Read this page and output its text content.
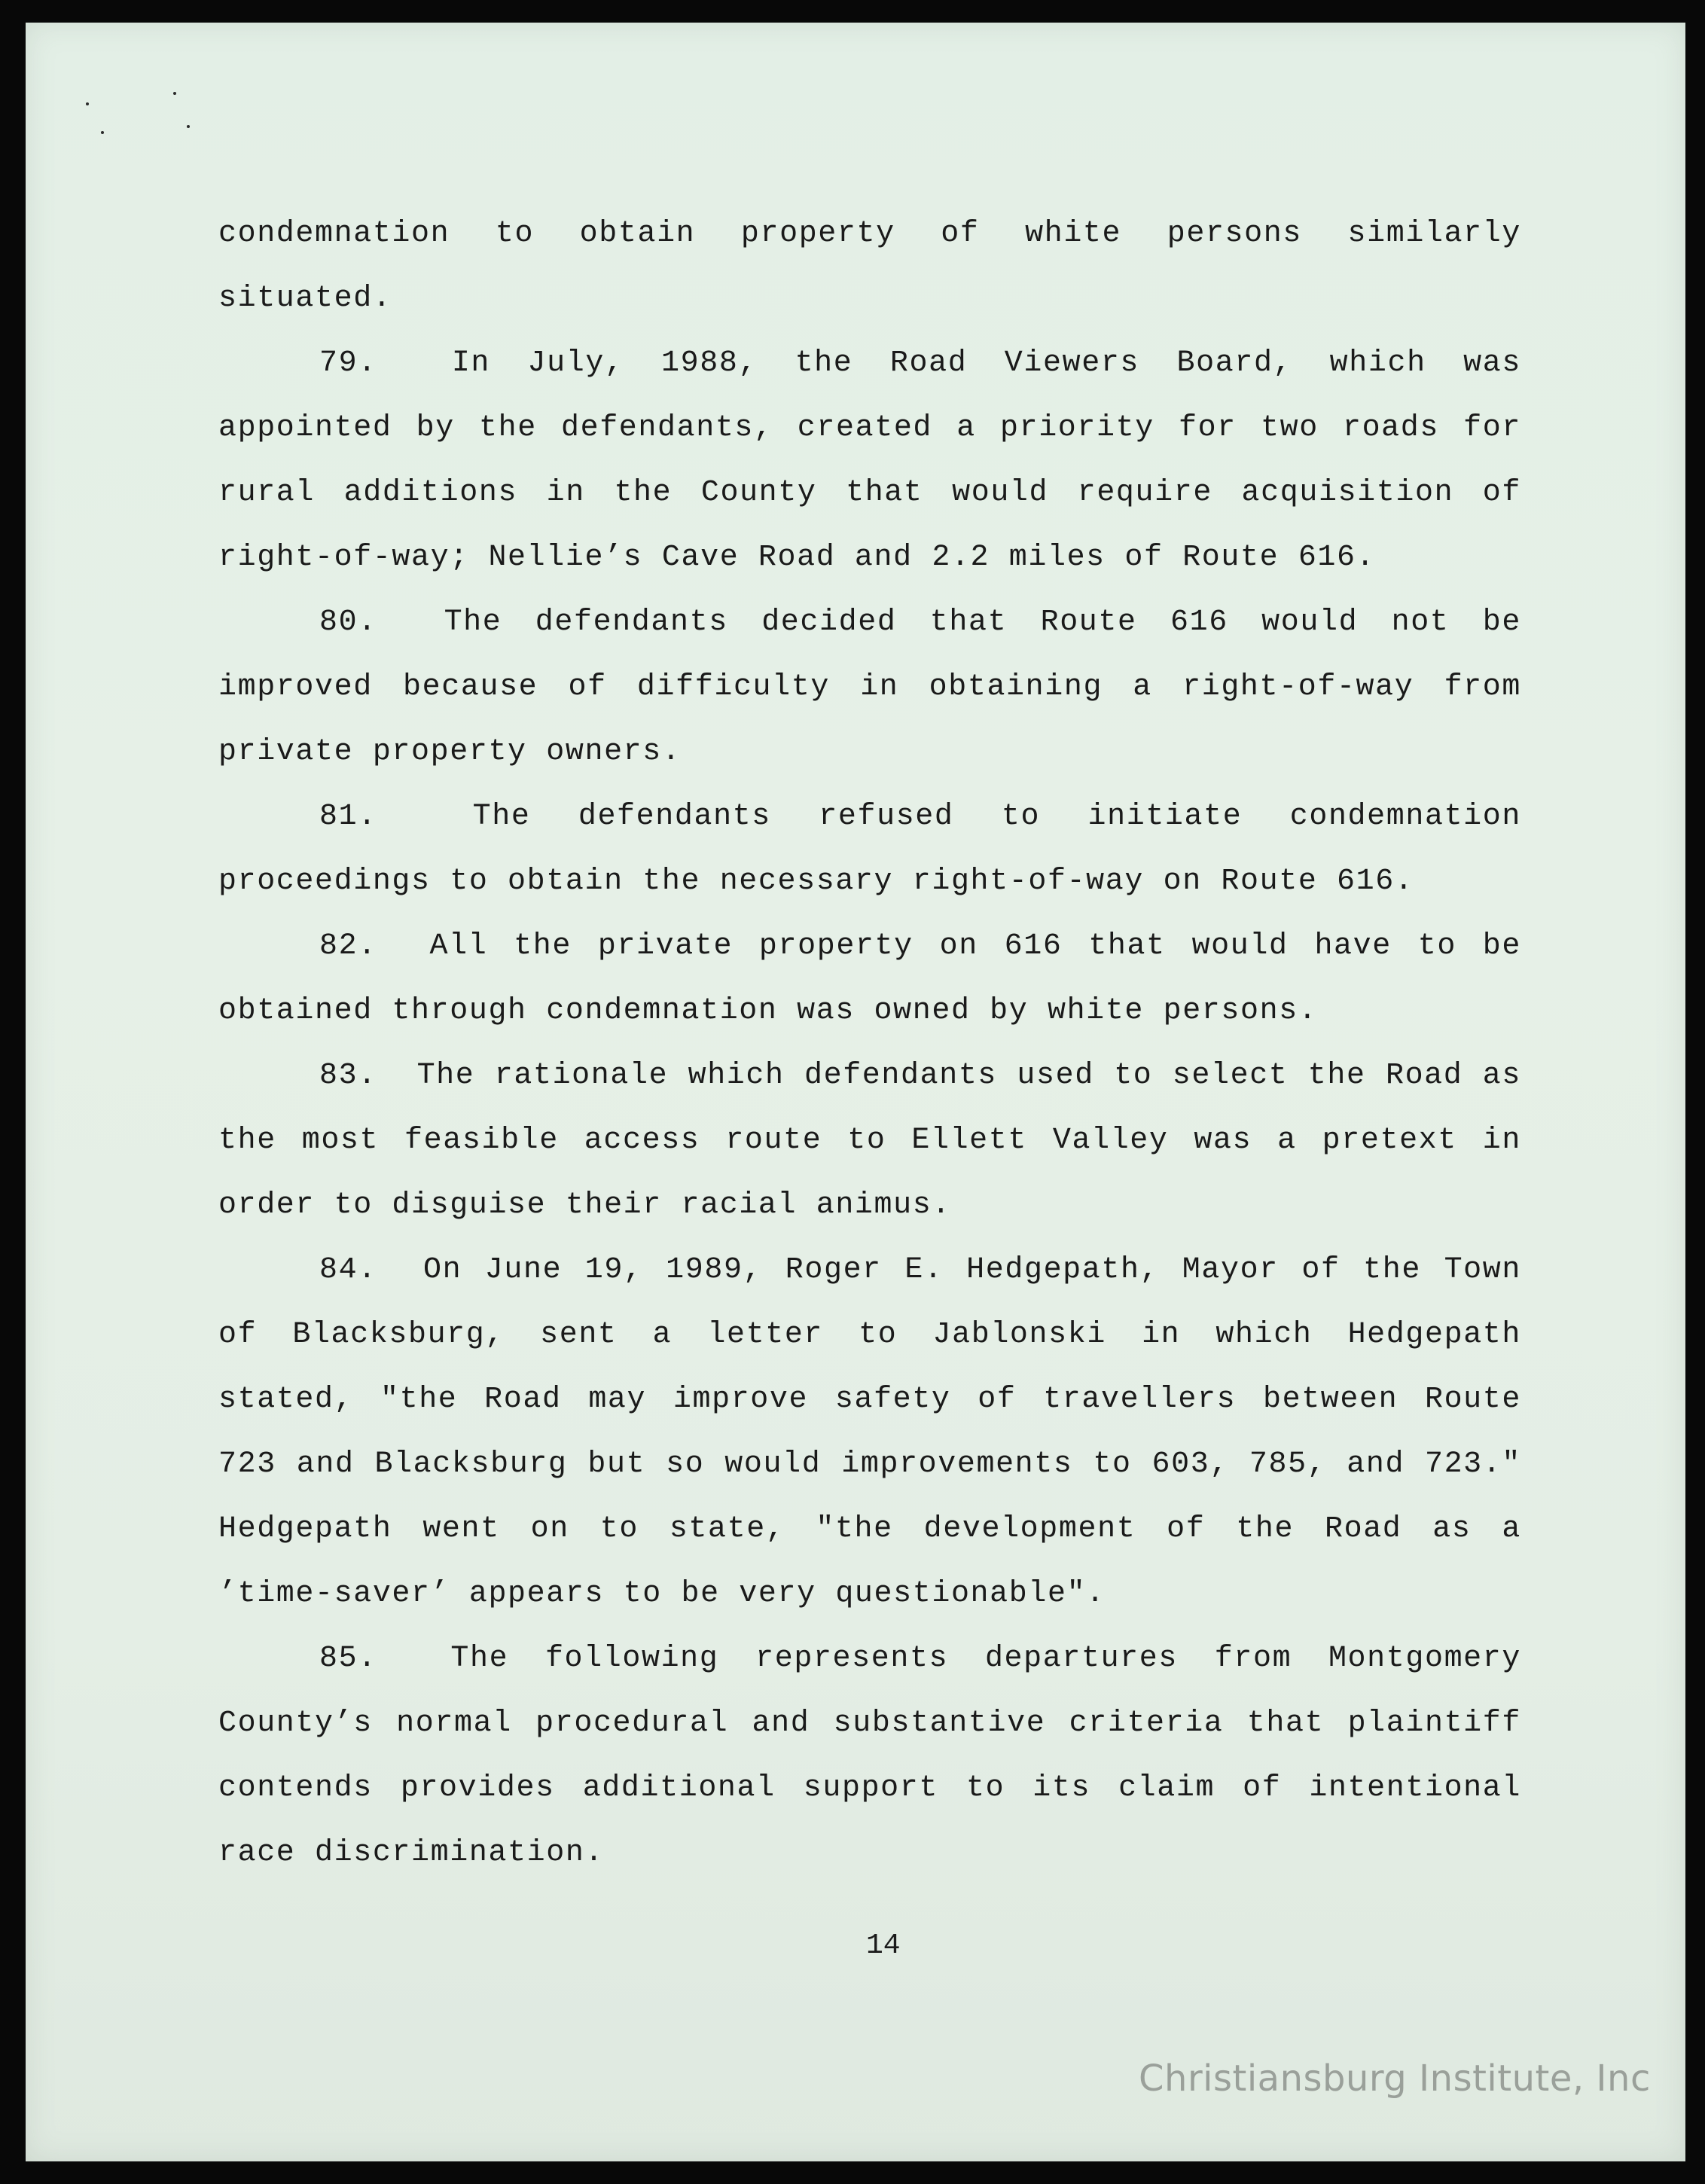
condemnation to obtain property of white persons similarly situated.

79. In July, 1988, the Road Viewers Board, which was appointed by the defendants, created a priority for two roads for rural additions in the County that would require acquisition of right-of-way; Nellie’s Cave Road and 2.2 miles of Route 616.

80. The defendants decided that Route 616 would not be improved because of difficulty in obtaining a right-of-way from private property owners.

81.	The defendants refused to initiate condemnation proceedings to obtain the necessary right-of-way on Route 616.

82. All the private property on 616 that would have to be obtained through condemnation was owned by white persons.

83. The rationale which defendants used to select the Road as the most feasible access route to Ellett Valley was a pretext in order to disguise their racial animus.

84. On June 19, 1989, Roger E. Hedgepath, Mayor of the Town of Blacksburg, sent a letter to Jablonski in which Hedgepath stated, "the Road may improve safety of travellers between Route 723 and Blacksburg but so would improvements to 603, 785, and 723." Hedgepath went on to state, "the development of the Road as a ’time-saver’ appears to be very questionable".

85. The following represents departures from Montgomery County’s normal procedural and substantive criteria that plaintiff contends provides additional support to its claim of intentional race discrimination.

14
Christiansburg Institute, Inc
